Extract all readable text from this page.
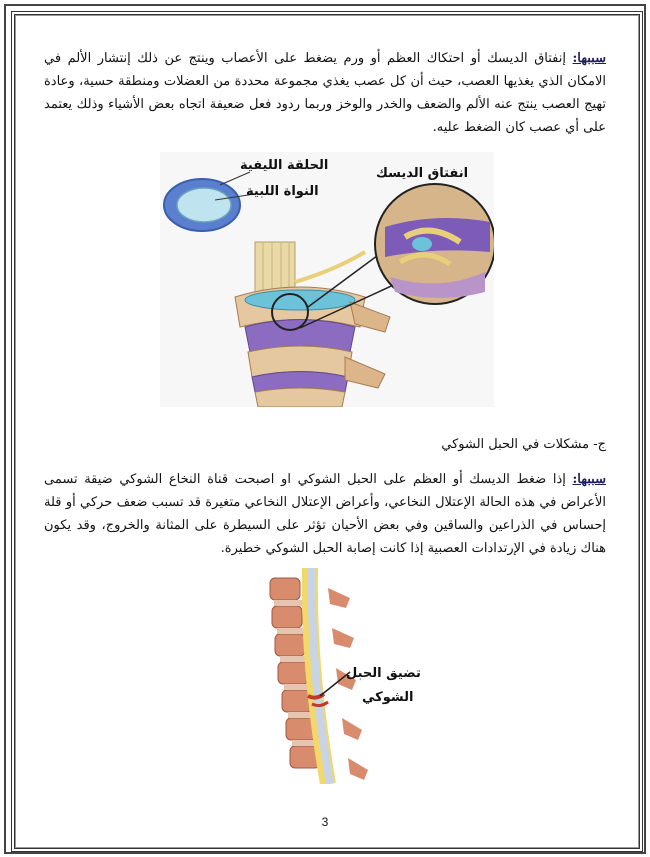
سببها: إنفتاق الديسك أو احتكاك العظم أو ورم يضغط على الأعصاب وينتج عن ذلك إنتشار الألم في الامكان الذي يغذيها العصب، حيث أن كل عصب يغذي مجموعة محددة من العضلات ومنطقة حسية، وعادة تهيج العصب ينتج عنه الألم والضعف والخدر والوخز وربما ردود فعل ضعيفة اتجاه بعض الأشياء وذلك يعتمد على أي عصب كان الضغط عليه.

الحلقة الليفية
النواة اللبية
انفتاق الديسك

ج- مشكلات في الحبل الشوكي

سببها: إذا ضغط الديسك أو العظم على الحبل الشوكي او اصبحت قناة النخاع الشوكي ضيقة تسمى الأعراض في هذه الحالة الإعتلال النخاعي، وأعراض الإعتلال النخاعي متغيرة قد تسبب ضعف حركي أو قلة إحساس في الذراعين والساقين وفي بعض الأحيان تؤثر على السيطرة على المثانة والخروج، وقد يكون هناك زيادة في الإرتدادات العصبية إذا كانت إصابة الحبل الشوكي خطيرة.

تضيق الحبل
الشوكي
3
